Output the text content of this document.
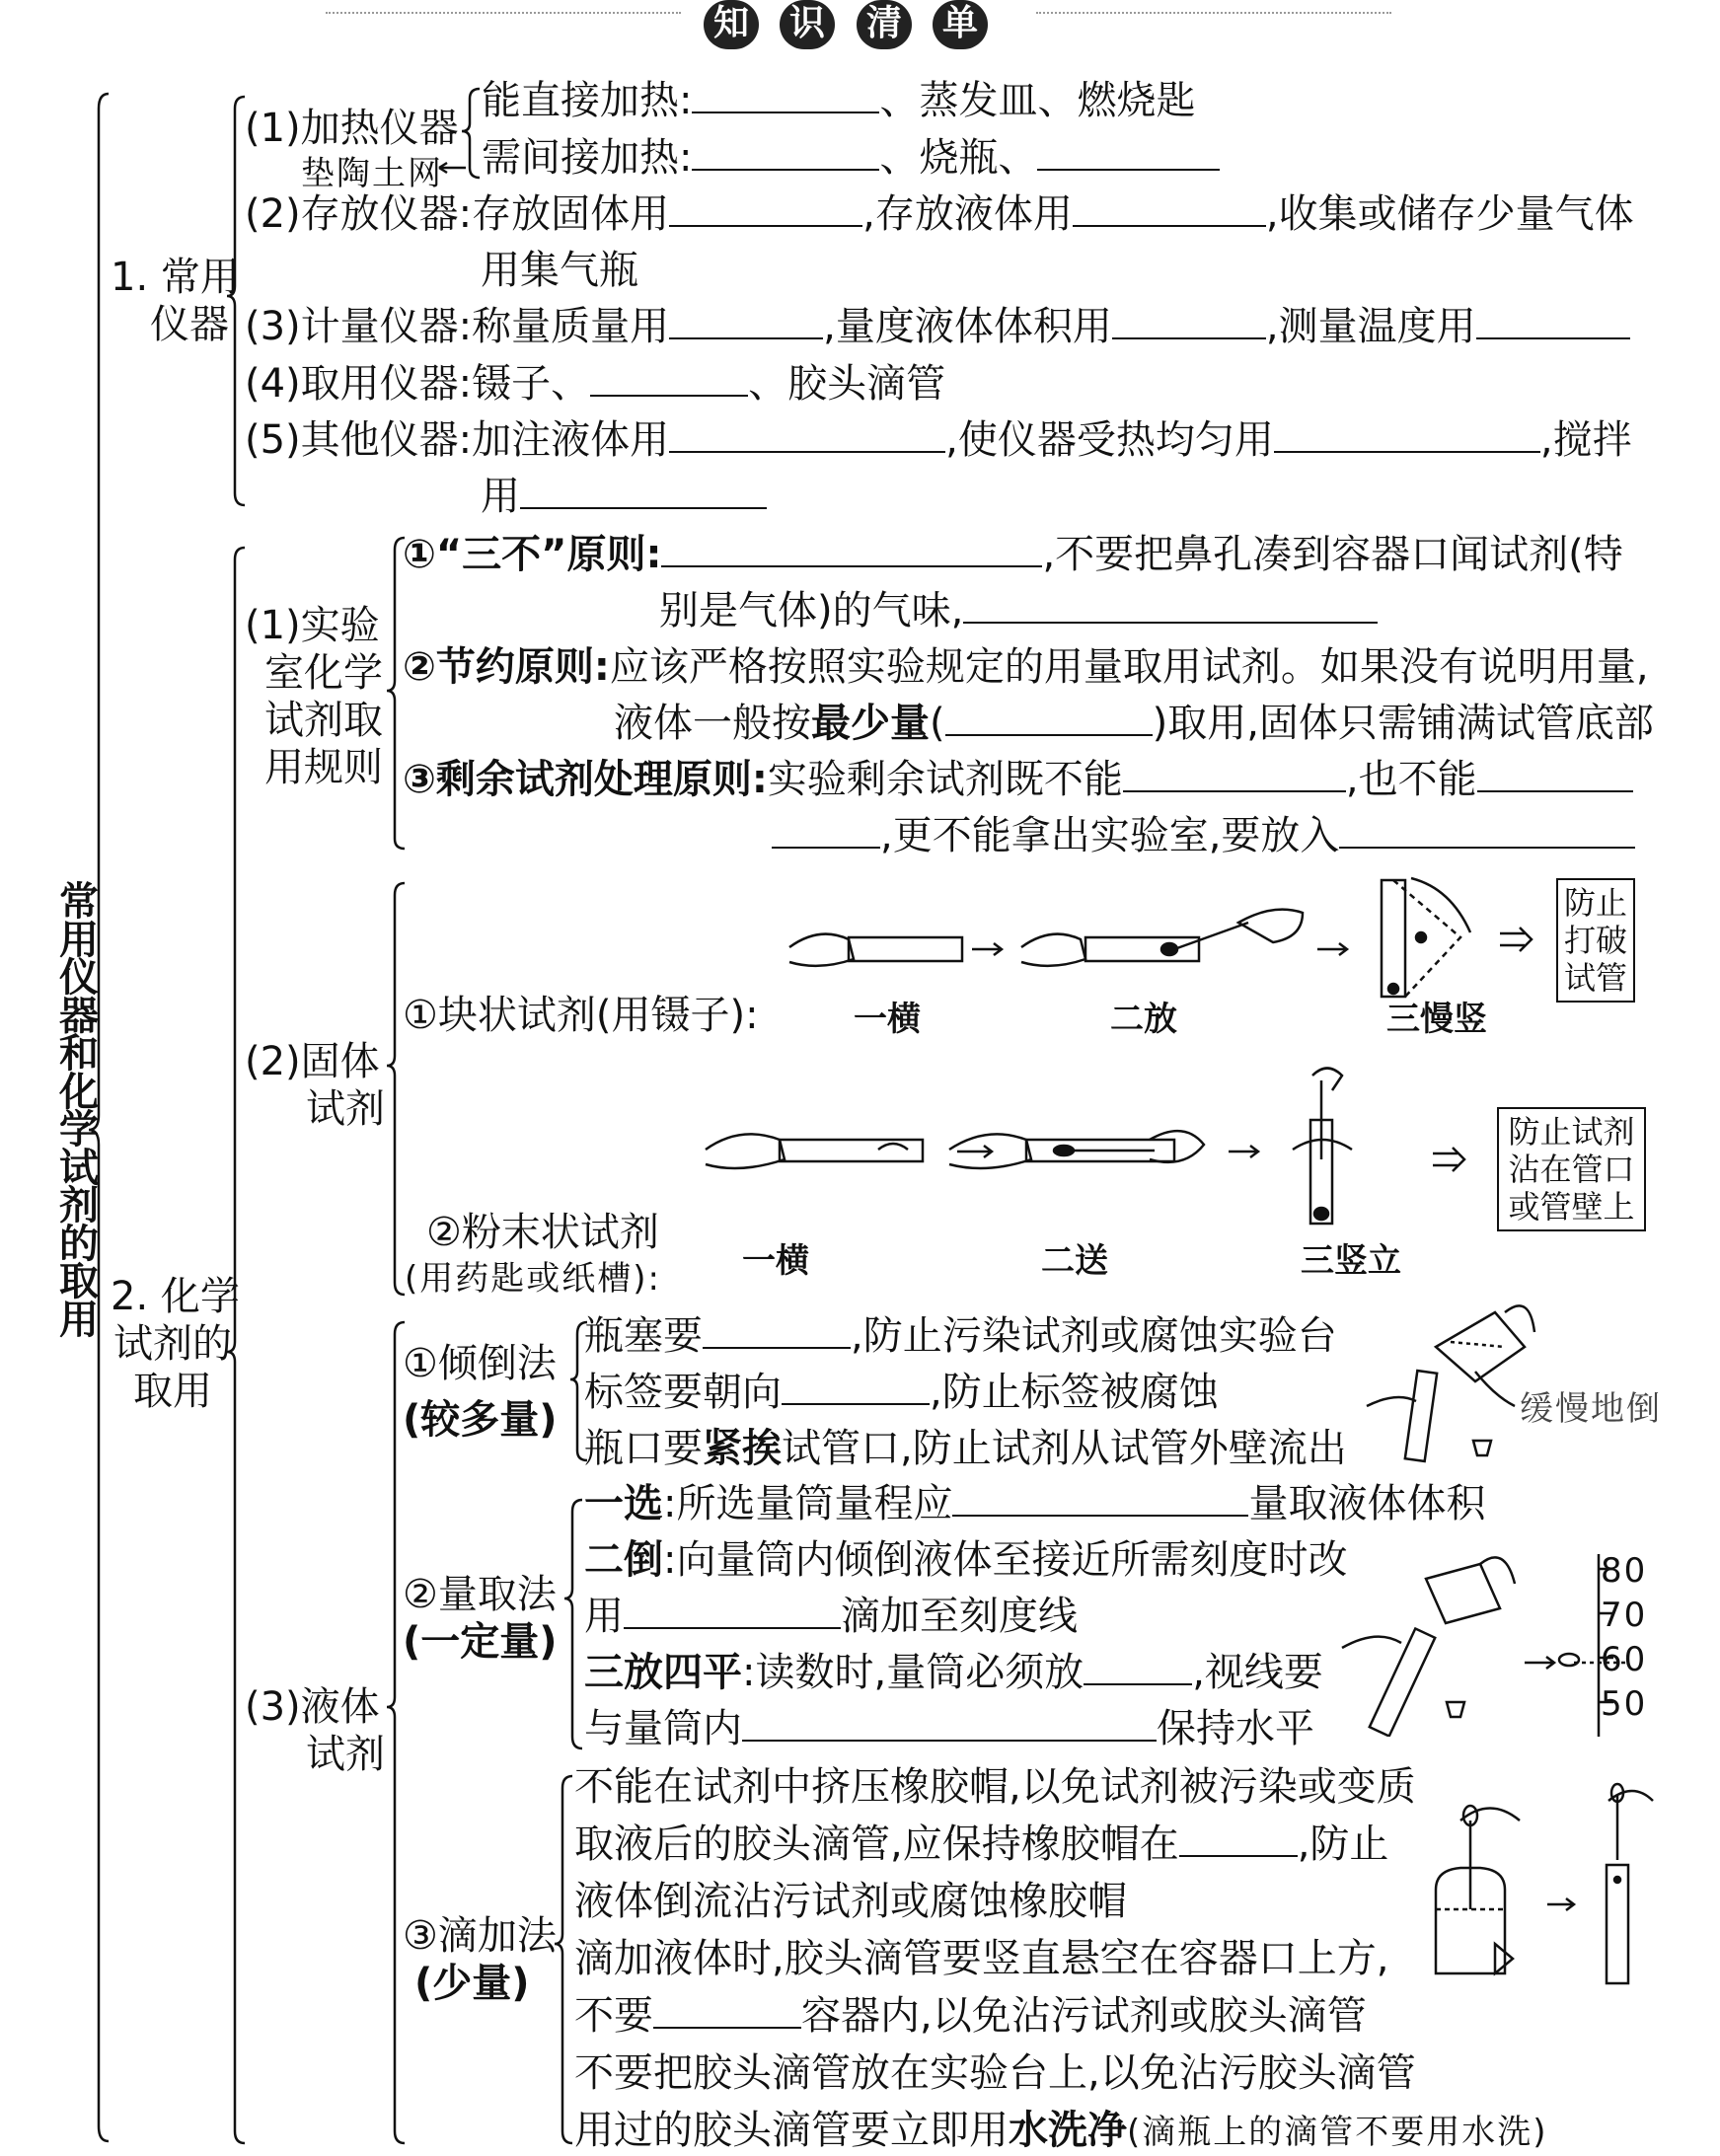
知 识 清 单
常用仪器和化学试剂的取用
1. 常用
仪器
(1)加热仪器
垫陶土网
能直接加热:	、蒸发皿、燃烧匙
需间接加热:	、烧瓶、
(2)存放仪器:存放固体用	,存放液体用	,收集或储存少量气体
用集气瓶
(3)计量仪器:称量质量用	,量度液体体积用	,测量温度用
(4)取用仪器:镊子、	、胶头滴管
(5)其他仪器:加注液体用	,使仪器受热均匀用	,搅拌
用
2. 化学
试剂的
取用
(1)实验
室化学
试剂取
用规则
①“三不”原则:	,不要把鼻孔凑到容器口闻试剂(特
别是气体)的气味,
②节约原则:应该严格按照实验规定的用量取用试剂。如果没有说明用量,
液体一般按最少量(	)取用,固体只需铺满试管底部
③剩余试剂处理原则:实验剩余试剂既不能	,也不能
,更不能拿出实验室,要放入
(2)固体
试剂
①块状试剂(用镊子):	一横	二放	三慢竖
防止打破试管
②粉末状试剂
(用药匙或纸槽): 一横	二送	三竖立
防止试剂沾在管口或管壁上
(3)液体
试剂
①倾倒法
(较多量)
瓶塞要	,防止污染试剂或腐蚀实验台
标签要朝向	,防止标签被腐蚀
瓶口要紧挨试管口,防止试剂从试管外壁流出
缓慢地倒
②量取法
(一定量)
一选:所选量筒量程应	量取液体体积
二倒:向量筒内倾倒液体至接近所需刻度时改
用	滴加至刻度线
三放四平:读数时,量筒必须放	,视线要
与量筒内	保持水平
80
70
60
50
③滴加法
(少量)
不能在试剂中挤压橡胶帽,以免试剂被污染或变质
取液后的胶头滴管,应保持橡胶帽在	,防止
液体倒流沾污试剂或腐蚀橡胶帽
滴加液体时,胶头滴管要竖直悬空在容器口上方,
不要	容器内,以免沾污试剂或胶头滴管
不要把胶头滴管放在实验台上,以免沾污胶头滴管
用过的胶头滴管要立即用水洗净(滴瓶上的滴管不要用水洗)
